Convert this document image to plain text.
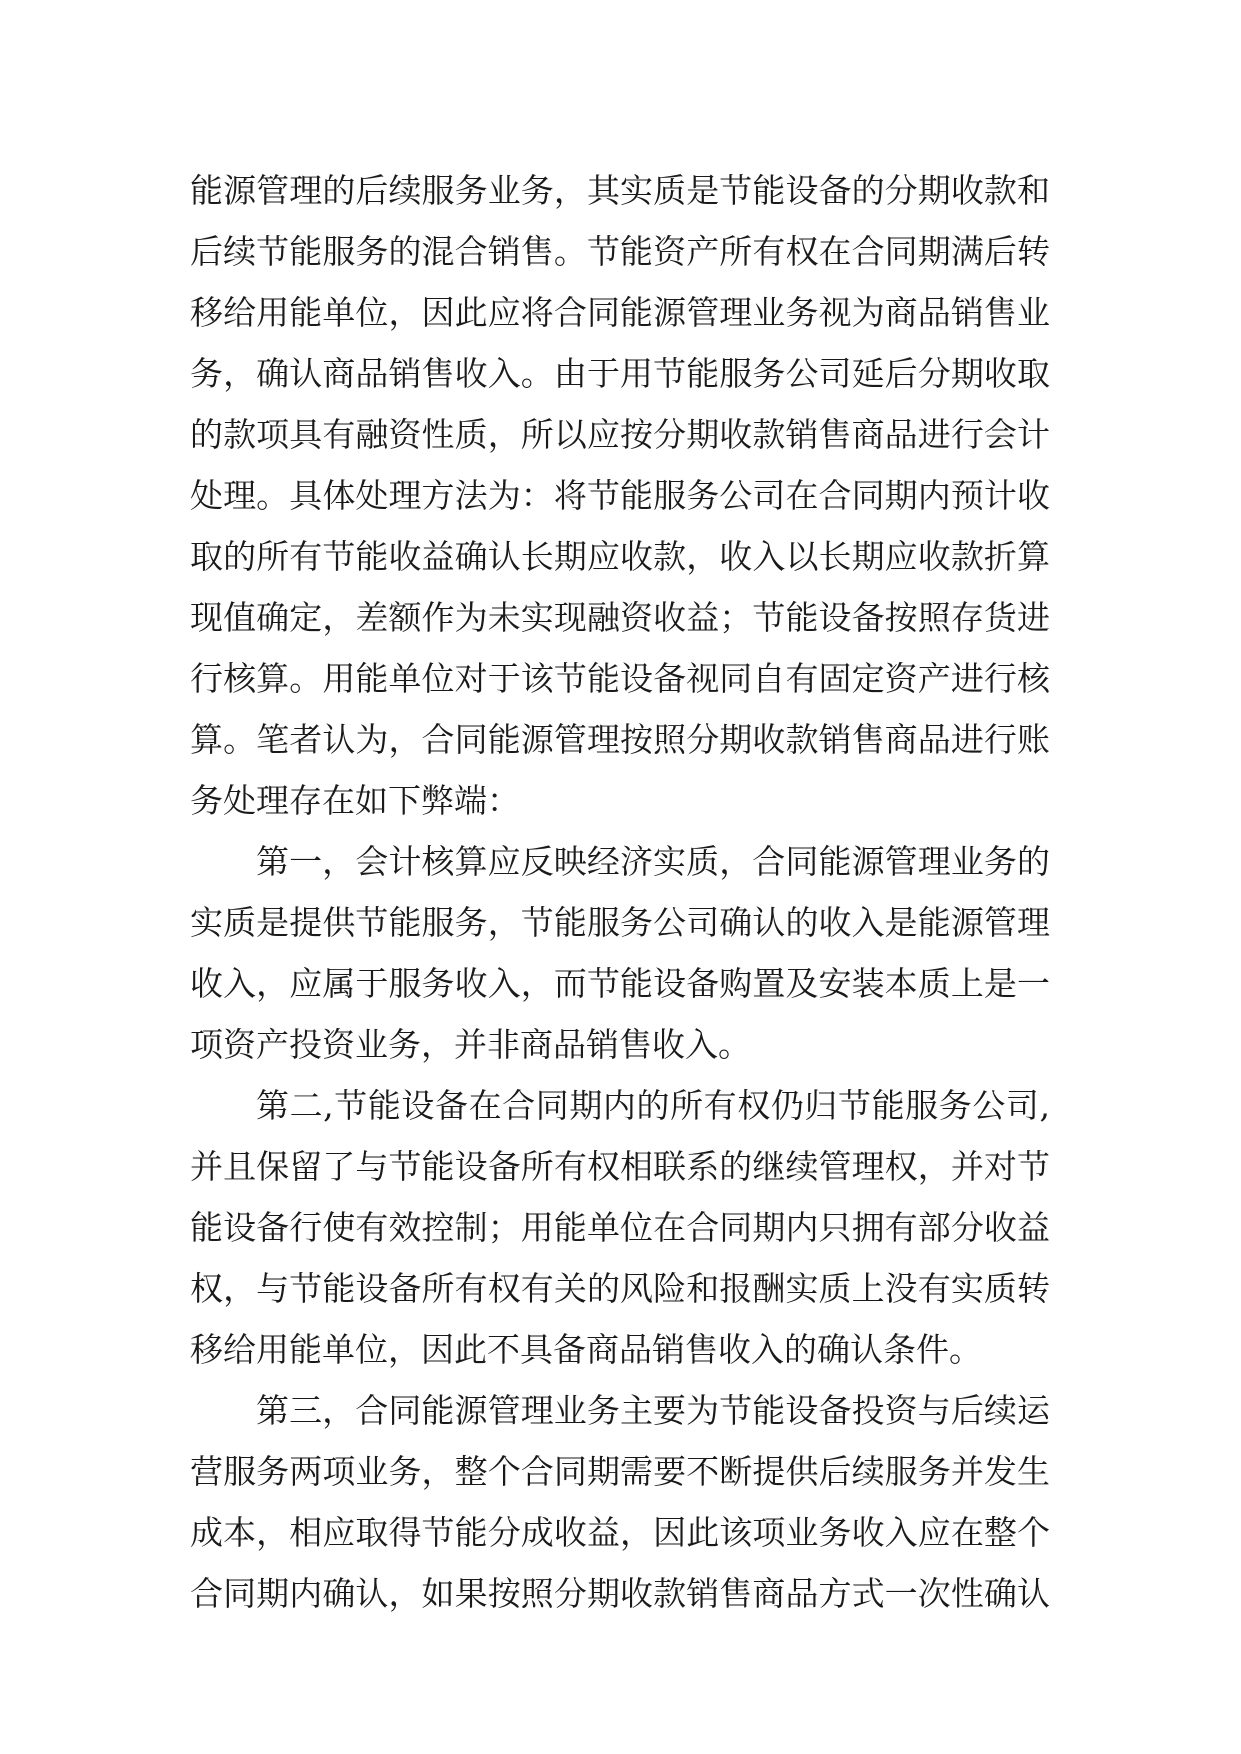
能源管理的后续服务业务，其实质是节能设备的分期收款和
后续节能服务的混合销售。节能资产所有权在合同期满后转
移给用能单位，因此应将合同能源管理业务视为商品销售业
务，确认商品销售收入。由于用节能服务公司延后分期收取
的款项具有融资性质，所以应按分期收款销售商品进行会计
处理。具体处理方法为：将节能服务公司在合同期内预计收
取的所有节能收益确认长期应收款，收入以长期应收款折算
现值确定，差额作为未实现融资收益；节能设备按照存货进
行核算。用能单位对于该节能设备视同自有固定资产进行核
算。笔者认为，合同能源管理按照分期收款销售商品进行账
务处理存在如下弊端：
第一，会计核算应反映经济实质，合同能源管理业务的
实质是提供节能服务，节能服务公司确认的收入是能源管理
收入，应属于服务收入，而节能设备购置及安装本质上是一
项资产投资业务，并非商品销售收入。
第二,节能设备在合同期内的所有权仍归节能服务公司,
并且保留了与节能设备所有权相联系的继续管理权，并对节
能设备行使有效控制；用能单位在合同期内只拥有部分收益
权，与节能设备所有权有关的风险和报酬实质上没有实质转
移给用能单位，因此不具备商品销售收入的确认条件。
第三，合同能源管理业务主要为节能设备投资与后续运
营服务两项业务，整个合同期需要不断提供后续服务并发生
成本，相应取得节能分成收益，因此该项业务收入应在整个
合同期内确认，如果按照分期收款销售商品方式一次性确认
